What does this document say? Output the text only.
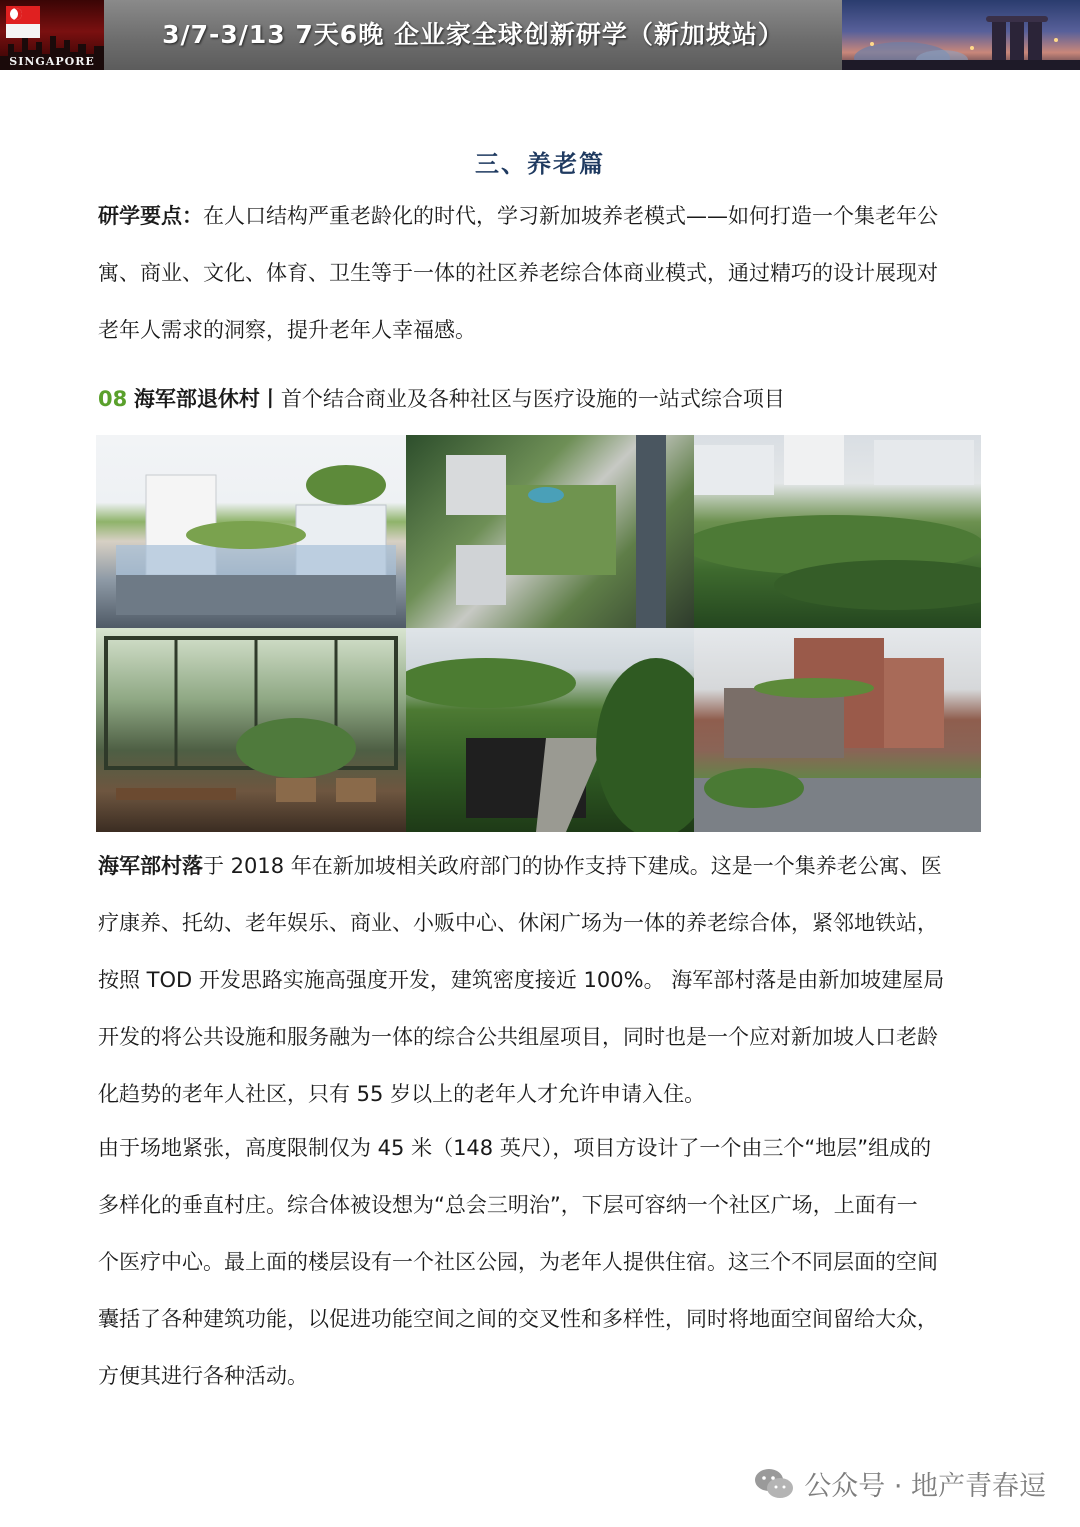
SINGAPORE
3/7-3/13 7天6晚 企业家全球创新研学（新加坡站）
三、养老篇
研学要点：在人口结构严重老龄化的时代，学习新加坡养老模式——如何打造一个集老年公
寓、商业、文化、体育、卫生等于一体的社区养老综合体商业模式，通过精巧的设计展现对
老年人需求的洞察，提升老年人幸福感。
08 海军部退休村丨首个结合商业及各种社区与医疗设施的一站式综合项目
海军部村落于 2018 年在新加坡相关政府部门的协作支持下建成。这是一个集养老公寓、医
疗康养、托幼、老年娱乐、商业、小贩中心、休闲广场为一体的养老综合体，紧邻地铁站，
按照 TOD 开发思路实施高强度开发，建筑密度接近 100%。 海军部村落是由新加坡建屋局
开发的将公共设施和服务融为一体的综合公共组屋项目，同时也是一个应对新加坡人口老龄
化趋势的老年人社区，只有 55 岁以上的老年人才允许申请入住。
由于场地紧张，高度限制仅为 45 米（148 英尺），项目方设计了一个由三个“地层”组成的
多样化的垂直村庄。综合体被设想为“总会三明治”，下层可容纳一个社区广场，上面有一
个医疗中心。最上面的楼层设有一个社区公园，为老年人提供住宿。这三个不同层面的空间
囊括了各种建筑功能，以促进功能空间之间的交叉性和多样性，同时将地面空间留给大众，
方便其进行各种活动。
公众号 · 地产青春逗
